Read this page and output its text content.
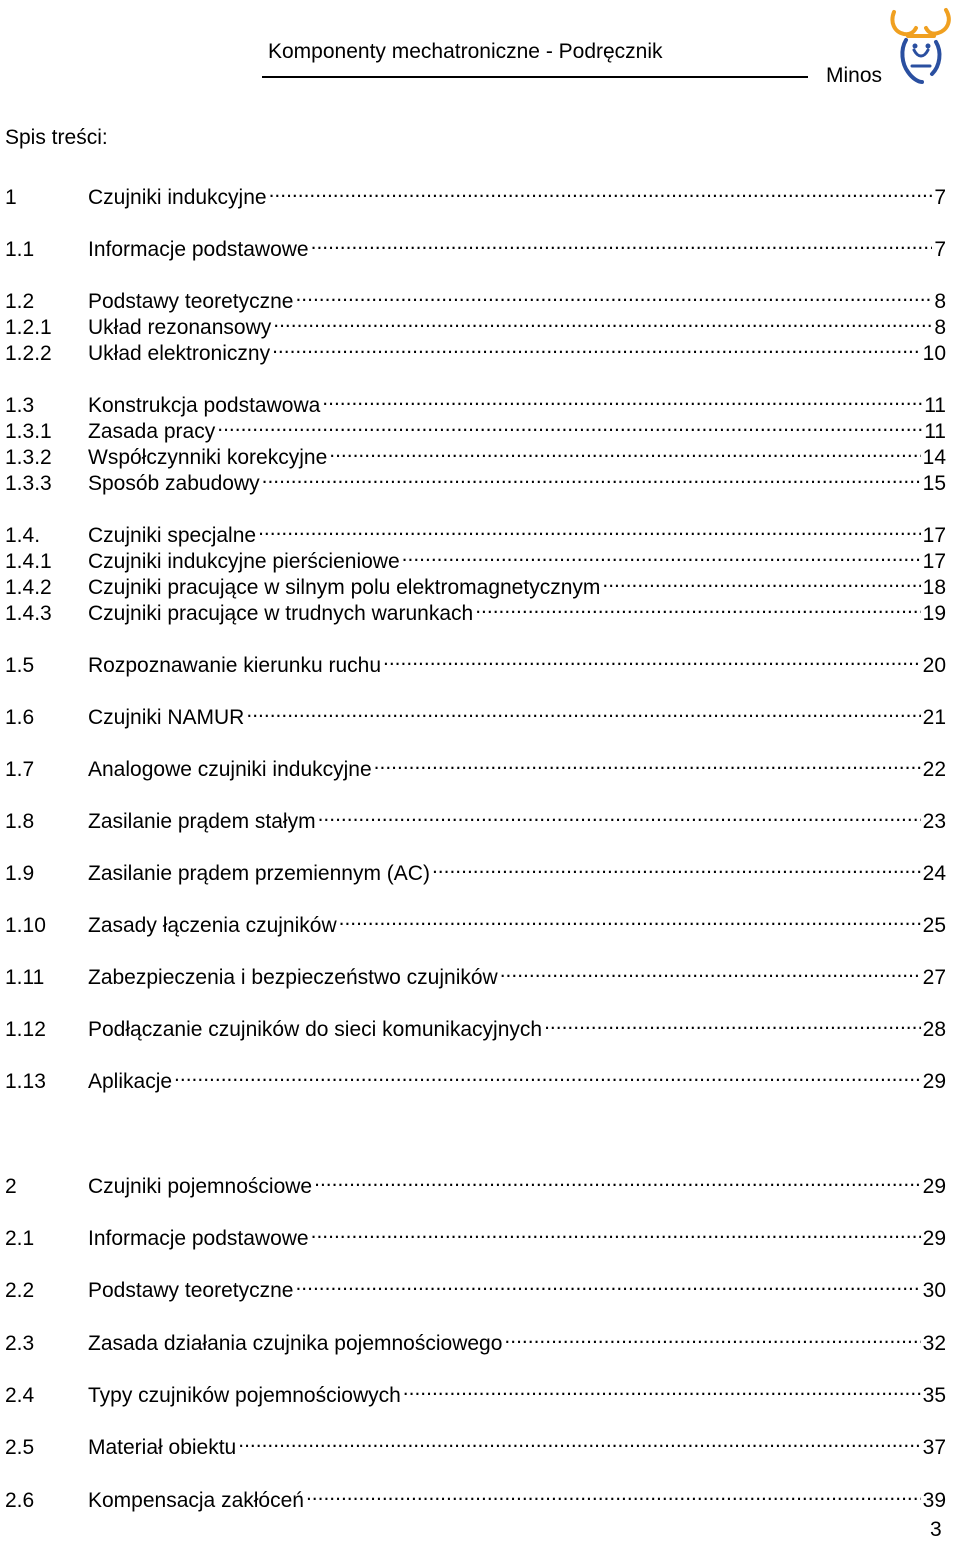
Komponenty mechatroniczne - Podręcznik
Minos
Spis treści:
1	Czujniki indukcyjne .....	7
1.1	Informacje podstawowe .....	7
1.2	Podstawy teoretyczne .....	8
1.2.1	Układ rezonansowy .....	8
1.2.2	Układ elektroniczny .....	10
1.3	Konstrukcja podstawowa .....	11
1.3.1	Zasada pracy .....	11
1.3.2	Współczynniki korekcyjne .....	14
1.3.3	Sposób zabudowy .....	15
1.4.	Czujniki specjalne .....	17
1.4.1	Czujniki indukcyjne pierścieniowe .....	17
1.4.2	Czujniki pracujące w silnym polu elektromagnetycznym .....	18
1.4.3	Czujniki pracujące w trudnych warunkach .....	19
1.5	Rozpoznawanie kierunku ruchu .....	20
1.6	Czujniki NAMUR .....	21
1.7	Analogowe czujniki indukcyjne .....	22
1.8	Zasilanie prądem stałym .....	23
1.9	Zasilanie prądem przemiennym (AC) .....	24
1.10	Zasady łączenia czujników .....	25
1.11	Zabezpieczenia i bezpieczeństwo czujników .....	27
1.12	Podłączanie czujników do sieci komunikacyjnych .....	28
1.13	Aplikacje .....	29
2	Czujniki pojemnościowe .....	29
2.1	Informacje podstawowe .....	29
2.2	Podstawy teoretyczne .....	30
2.3	Zasada działania czujnika pojemnościowego .....	32
2.4	Typy czujników pojemnościowych .....	35
2.5	Materiał obiektu .....	37
2.6	Kompensacja zakłóceń .....	39
3
